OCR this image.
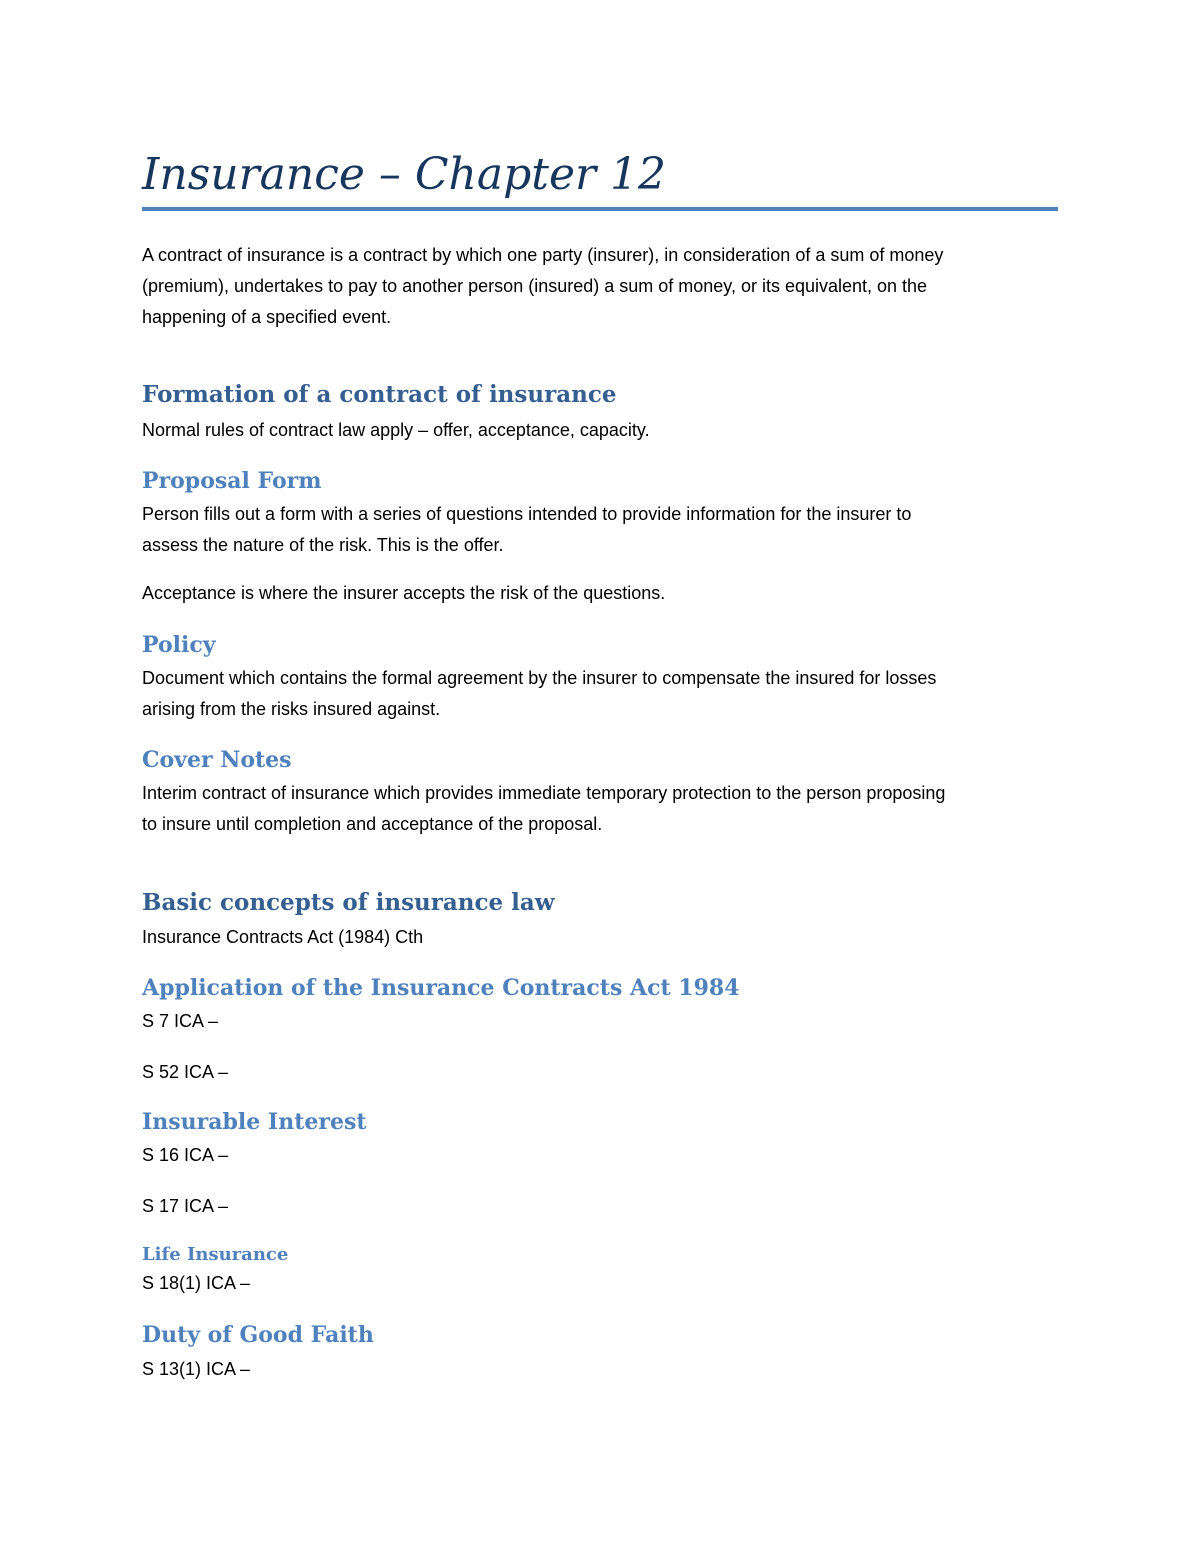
Insurance – Chapter 12
A contract of insurance is a contract by which one party (insurer), in consideration of a sum of money
(premium), undertakes to pay to another person (insured) a sum of money, or its equivalent, on the
happening of a specified event.
Formation of a contract of insurance
Normal rules of contract law apply – offer, acceptance, capacity.
Proposal Form
Person fills out a form with a series of questions intended to provide information for the insurer to
assess the nature of the risk. This is the offer.
Acceptance is where the insurer accepts the risk of the questions.
Policy
Document which contains the formal agreement by the insurer to compensate the insured for losses
arising from the risks insured against.
Cover Notes
Interim contract of insurance which provides immediate temporary protection to the person proposing
to insure until completion and acceptance of the proposal.
Basic concepts of insurance law
Insurance Contracts Act (1984) Cth
Application of the Insurance Contracts Act 1984
S 7 ICA –
S 52 ICA –
Insurable Interest
S 16 ICA –
S 17 ICA –
Life Insurance
S 18(1) ICA –
Duty of Good Faith
S 13(1) ICA –
